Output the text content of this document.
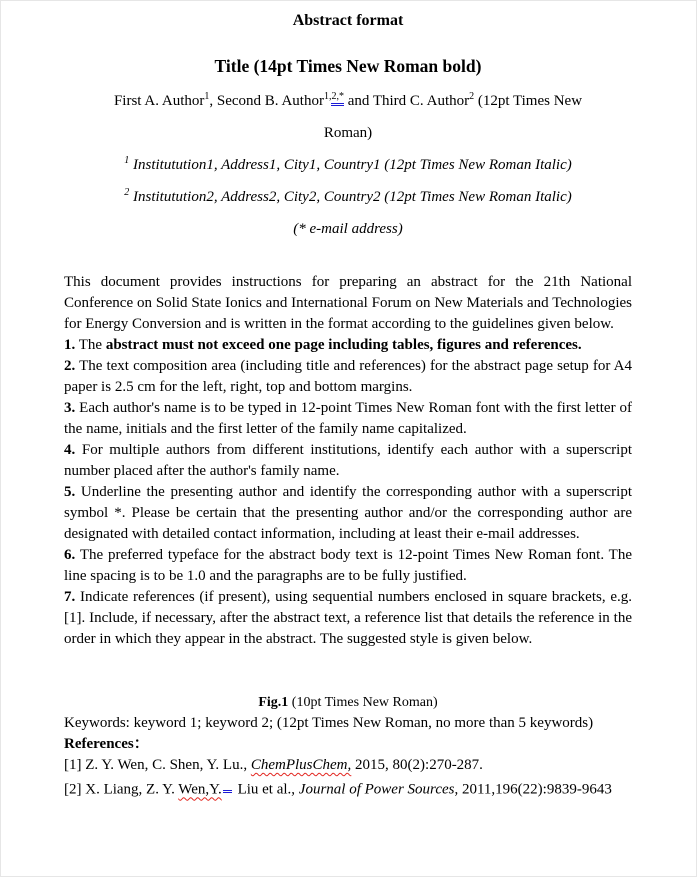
Abstract format

Title (14pt Times New Roman bold)

First A. Author$^1$, Second B. Author$^{1,2,*}$ and Third C. Author$^2$ (12pt Times New
Roman)

$^1$ Institutution1, Address1, City1, Country1 (12pt Times New Roman Italic)

$^2$ Institutution2, Address2, City2, Country2 (12pt Times New Roman Italic)

(* e-mail address)

This document provides instructions for preparing an abstract for the 21th National Conference on Solid State Ionics and International Forum on New Materials and Technologies for Energy Conversion and is written in the format according to the guidelines given below.

1. The abstract must not exceed one page including tables, figures and references.

2. The text composition area (including title and references) for the abstract page setup for A4 paper is 2.5 cm for the left, right, top and bottom margins.

3. Each author's name is to be typed in 12-point Times New Roman font with the first letter of the name, initials and the first letter of the family name capitalized.

4. For multiple authors from different institutions, identify each author with a superscript number placed after the author's family name.

5. Underline the presenting author and identify the corresponding author with a superscript symbol *. Please be certain that the presenting author and/or the corresponding author are designated with detailed contact information, including at least their e-mail addresses.

6. The preferred typeface for the abstract body text is 12-point Times New Roman font. The line spacing is to be 1.0 and the paragraphs are to be fully justified.

7. Indicate references (if present), using sequential numbers enclosed in square brackets, e.g. [1]. Include, if necessary, after the abstract text, a reference list that details the reference in the order in which they appear in the abstract. The suggested style is given below.

Fig.1 (10pt Times New Roman)

Keywords: keyword 1; keyword 2; (12pt Times New Roman, no more than 5 keywords)

References：

[1] Z. Y. Wen, C. Shen, Y. Lu., ChemPlusChem, 2015, 80(2):270-287.

[2] X. Liang, Z. Y. Wen,Y. Liu et al., Journal of Power Sources, 2011,196(22):9839-9643
